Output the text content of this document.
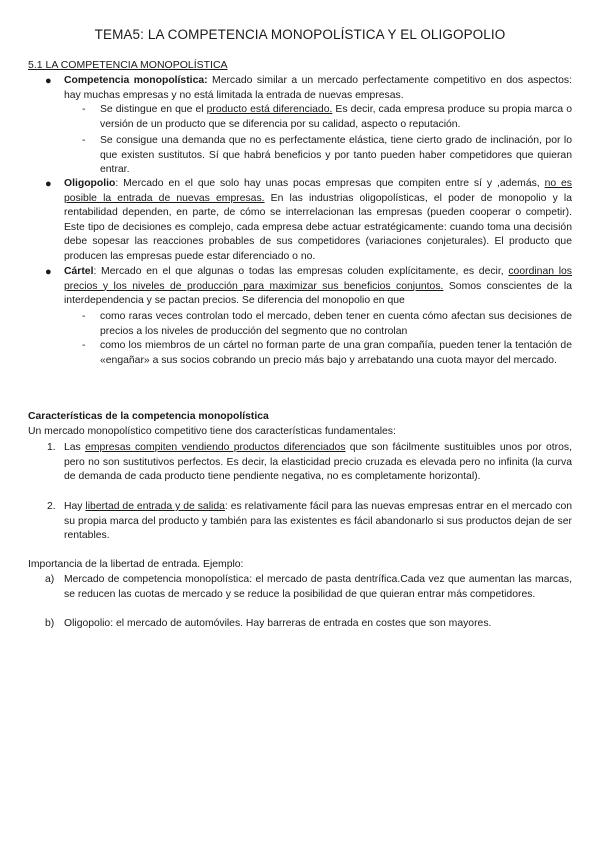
TEMA5: LA COMPETENCIA MONOPOLÍSTICA Y EL OLIGOPOLIO
5.1 LA COMPETENCIA MONOPOLÍSTICA
● Competencia monopolística: Mercado similar a un mercado perfectamente competitivo en dos aspectos: hay muchas empresas y no está limitada la entrada de nuevas empresas.
- Se distingue en que el producto está diferenciado. Es decir, cada empresa produce su propia marca o versión de un producto que se diferencia por su calidad, aspecto o reputación.
- Se consigue una demanda que no es perfectamente elástica, tiene cierto grado de inclinación, por lo que existen sustitutos. Sí que habrá beneficios y por tanto pueden haber competidores que quieran entrar.
● Oligopolio: Mercado en el que solo hay unas pocas empresas que compiten entre sí y ,además, no es posible la entrada de nuevas empresas. En las industrias oligopolísticas, el poder de monopolio y la rentabilidad dependen, en parte, de cómo se interrelacionan las empresas (pueden cooperar o competir). Este tipo de decisiones es complejo, cada empresa debe actuar estratégicamente: cuando toma una decisión debe sopesar las reacciones probables de sus competidores (variaciones conjeturales). El producto que producen las empresas puede estar diferenciado o no.
● Cártel: Mercado en el que algunas o todas las empresas coluden explícitamente, es decir, coordinan los precios y los niveles de producción para maximizar sus beneficios conjuntos. Somos conscientes de la interdependencia y se pactan precios. Se diferencia del monopolio en que
- como raras veces controlan todo el mercado, deben tener en cuenta cómo afectan sus decisiones de precios a los niveles de producción del segmento que no controlan
- como los miembros de un cártel no forman parte de una gran compañía, pueden tener la tentación de «engañar» a sus socios cobrando un precio más bajo y arrebatando una cuota mayor del mercado.
Características de la competencia monopolística
Un mercado monopolístico competitivo tiene dos características fundamentales:
1. Las empresas compiten vendiendo productos diferenciados que son fácilmente sustituibles unos por otros, pero no son sustitutivos perfectos. Es decir, la elasticidad precio cruzada es elevada pero no infinita (la curva de demanda de cada producto tiene pendiente negativa, no es completamente horizontal).
2. Hay libertad de entrada y de salida: es relativamente fácil para las nuevas empresas entrar en el mercado con su propia marca del producto y también para las existentes es fácil abandonarlo si sus productos dejan de ser rentables.
Importancia de la libertad de entrada. Ejemplo:
a) Mercado de competencia monopolística: el mercado de pasta dentrífica.Cada vez que aumentan las marcas, se reducen las cuotas de mercado y se reduce la posibilidad de que quieran entrar más competidores.
b) Oligopolio: el mercado de automóviles. Hay barreras de entrada en costes que son mayores.
